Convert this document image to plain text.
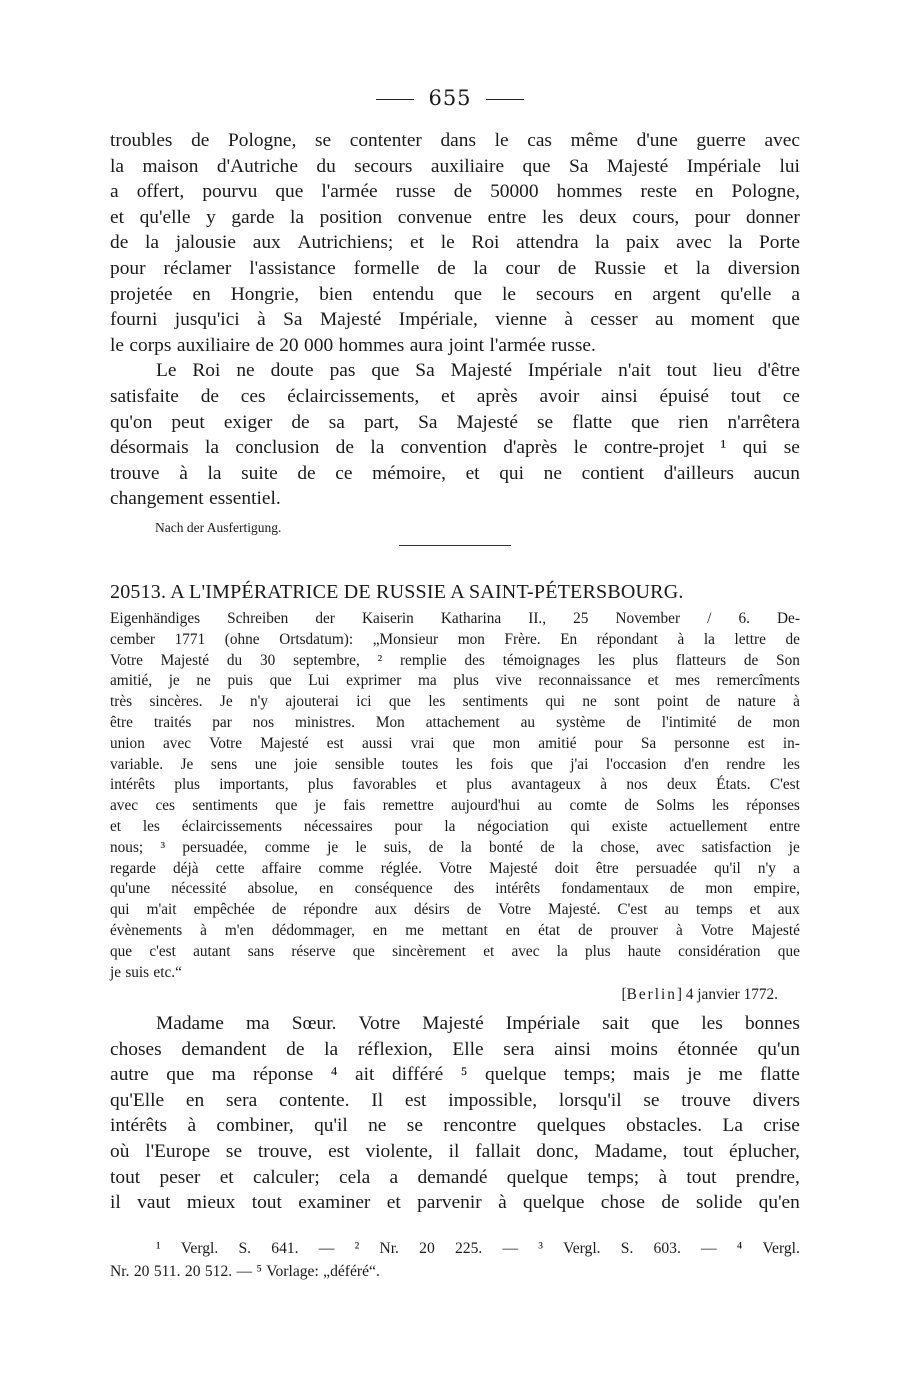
655
troubles de Pologne, se contenter dans le cas même d'une guerre avec
la maison d'Autriche du secours auxiliaire que Sa Majesté Impériale lui
a offert, pourvu que l'armée russe de 50000 hommes reste en Pologne,
et qu'elle y garde la position convenue entre les deux cours, pour donner
de la jalousie aux Autrichiens; et le Roi attendra la paix avec la Porte
pour réclamer l'assistance formelle de la cour de Russie et la diversion
projetée en Hongrie, bien entendu que le secours en argent qu'elle a
fourni jusqu'ici à Sa Majesté Impériale, vienne à cesser au moment que
le corps auxiliaire de 20 000 hommes aura joint l'armée russe.
Le Roi ne doute pas que Sa Majesté Impériale n'ait tout lieu d'être
satisfaite de ces éclaircissements, et après avoir ainsi épuisé tout ce
qu'on peut exiger de sa part, Sa Majesté se flatte que rien n'arrêtera
désormais la conclusion de la convention d'après le contre-projet ¹ qui se
trouve à la suite de ce mémoire, et qui ne contient d'ailleurs aucun
changement essentiel.
Nach der Ausfertigung.
20513. A L'IMPÉRATRICE DE RUSSIE A SAINT-PÉTERSBOURG.
Eigenhändiges Schreiben der Kaiserin Katharina II., 25 November / 6. De-
cember 1771 (ohne Ortsdatum): „Monsieur mon Frère. En répondant à la lettre de
Votre Majesté du 30 septembre, ² remplie des témoignages les plus flatteurs de Son
amitié, je ne puis que Lui exprimer ma plus vive reconnaissance et mes remercîments
très sincères. Je n'y ajouterai ici que les sentiments qui ne sont point de nature à
être traités par nos ministres. Mon attachement au système de l'intimité de mon
union avec Votre Majesté est aussi vrai que mon amitié pour Sa personne est in-
variable. Je sens une joie sensible toutes les fois que j'ai l'occasion d'en rendre les
intérêts plus importants, plus favorables et plus avantageux à nos deux États. C'est
avec ces sentiments que je fais remettre aujourd'hui au comte de Solms les réponses
et les éclaircissements nécessaires pour la négociation qui existe actuellement entre
nous; ³ persuadée, comme je le suis, de la bonté de la chose, avec satisfaction je
regarde déjà cette affaire comme réglée. Votre Majesté doit être persuadée qu'il n'y a
qu'une nécessité absolue, en conséquence des intérêts fondamentaux de mon empire,
qui m'ait empêchée de répondre aux désirs de Votre Majesté. C'est au temps et aux
évènements à m'en dédommager, en me mettant en état de prouver à Votre Majesté
que c'est autant sans réserve que sincèrement et avec la plus haute considération que
je suis etc.“
[Berlin] 4 janvier 1772.
Madame ma Sœur. Votre Majesté Impériale sait que les bonnes
choses demandent de la réflexion, Elle sera ainsi moins étonnée qu'un
autre que ma réponse ⁴ ait différé ⁵ quelque temps; mais je me flatte
qu'Elle en sera contente. Il est impossible, lorsqu'il se trouve divers
intérêts à combiner, qu'il ne se rencontre quelques obstacles. La crise
où l'Europe se trouve, est violente, il fallait donc, Madame, tout éplucher,
tout peser et calculer; cela a demandé quelque temps; à tout prendre,
il vaut mieux tout examiner et parvenir à quelque chose de solide qu'en
¹ Vergl. S. 641. — ² Nr. 20 225. — ³ Vergl. S. 603. — ⁴ Vergl.
Nr. 20 511. 20 512. — ⁵ Vorlage: „déféré“.
